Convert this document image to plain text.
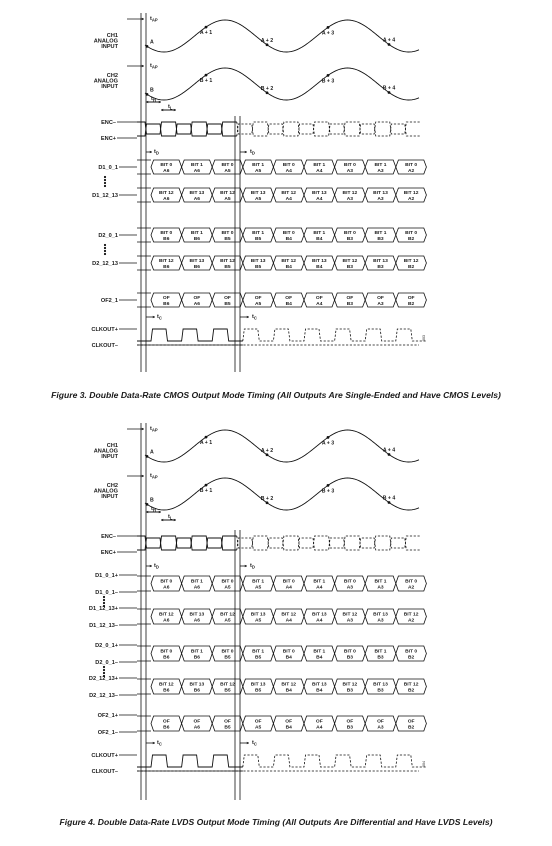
CH1 ANALOG INPUT
CH2 ANALOG INPUT
A
A + 1
A + 2
A + 3
A + 4
B
B + 1
B + 2
B + 3
B + 4
$t_{AP}$
$t_{AP}$
$t_H$
$t_L$
ENC–
ENC+
$t_D$	$t_D$
D1_0_1	BIT 0 A6
BIT 1 A6
BIT 0 A5
BIT 1 A5
BIT 0 A4
BIT 1 A4
BIT 0 A3
BIT 1 A3
BIT 0 A2
D1_12_13	BIT 12 A6
BIT 13 A6
BIT 12 A5
BIT 13 A5
BIT 12 A4
BIT 13 A4
BIT 12 A3
BIT 13 A3
BIT 12 A2
D2_0_1	BIT 0 B6
BIT 1 B6
BIT 0 B5
BIT 1 B5
BIT 0 B4
BIT 1 B4
BIT 0 B3
BIT 1 B3
BIT 0 B2
D2_12_13	BIT 12 B6
BIT 13 B6
BIT 12 B5
BIT 13 B5
BIT 12 B4
BIT 13 B4
BIT 12 B3
BIT 13 B3
BIT 12 B2
OF2_1	OF B6
OF A6
OF B5
OF A5
OF B4
OF A4
OF B3
OF A3
OF B2
$t_C$	$t_C$
CLKOUT+
CLKOUT–
003
Figure 3. Double Data-Rate CMOS Output Mode Timing (All Outputs Are Single-Ended and Have CMOS Levels)
CH1 ANALOG INPUT
CH2 ANALOG INPUT
A
A + 1
A + 2
A + 3
A + 4
B
B + 1
B + 2
B + 3
B + 4
$t_{AP}$
$t_{AP}$
$t_H$
$t_L$
ENC–
ENC+
$t_D$	$t_D$
D1_0_1+
D1_0_1–
BIT 0 A6
BIT 1 A6
BIT 0 A5
BIT 1 A5
BIT 0 A4
BIT 1 A4
BIT 0 A3
BIT 1 A3
BIT 0 A2
D1_12_13+
D1_12_13–
BIT 12 A6
BIT 13 A6
BIT 12 A5
BIT 13 A5
BIT 12 A4
BIT 13 A4
BIT 12 A3
BIT 13 A3
BIT 12 A2
D2_0_1+
D2_0_1–
BIT 0 B6
BIT 1 B6
BIT 0 B5
BIT 1 B5
BIT 0 B4
BIT 1 B4
BIT 0 B3
BIT 1 B3
BIT 0 B2
D2_12_13+
D2_12_13–
BIT 12 B6
BIT 13 B6
BIT 12 B5
BIT 13 B5
BIT 12 B4
BIT 13 B4
BIT 12 B3
BIT 13 B3
BIT 12 B2
OF2_1+
OF2_1–
OF B6
OF A6
OF B5
OF A5
OF B4
OF A4
OF B3
OF A3
OF B2
$t_C$	$t_C$
CLKOUT+
CLKOUT–
004
Figure 4. Double Data-Rate LVDS Output Mode Timing (All Outputs Are Differential and Have LVDS Levels)
